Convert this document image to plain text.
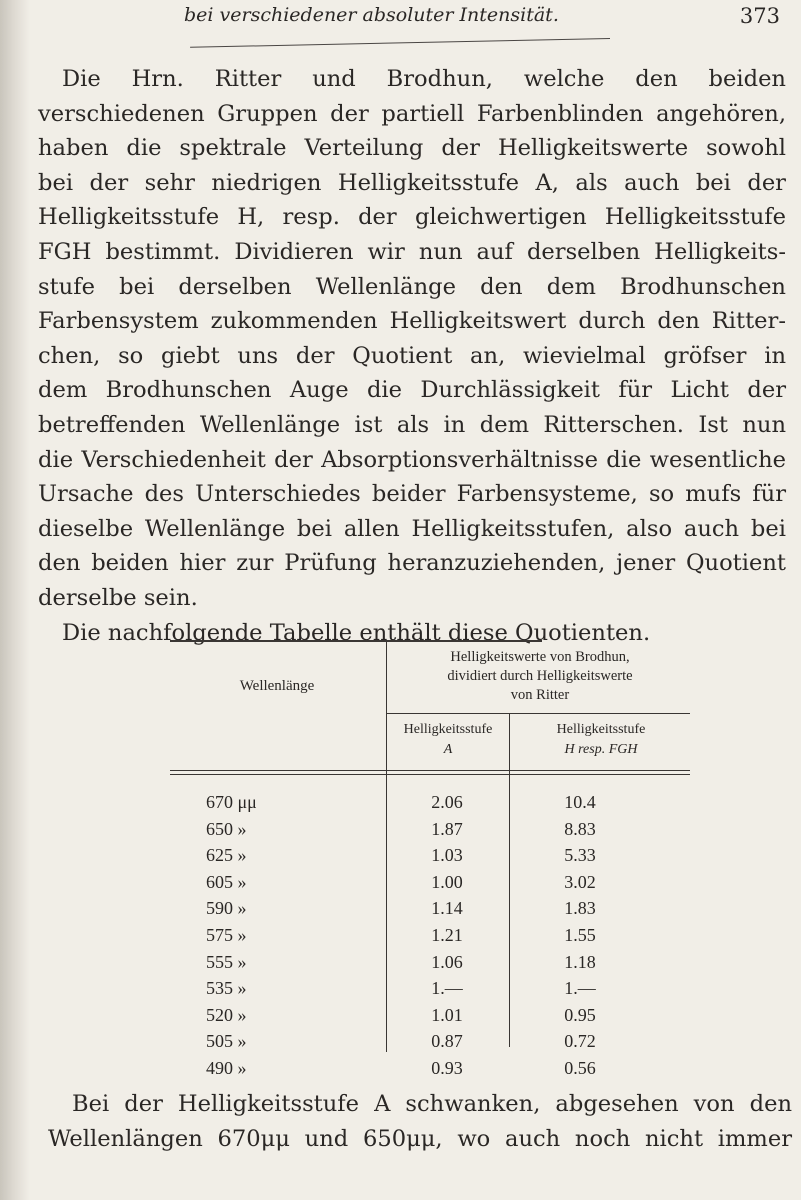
bei verschiedener absoluter Intensität.	373
Die Hrn. Ritter und Brodhun, welche den beiden
verschiedenen Gruppen der partiell Farbenblinden angehören,
haben die spektrale Verteilung der Helligkeitswerte sowohl
bei der sehr niedrigen Helligkeitsstufe A, als auch bei der
Helligkeitsstufe H, resp. der gleichwertigen Helligkeitsstufe
FGH bestimmt. Dividieren wir nun auf derselben Helligkeits-
stufe bei derselben Wellenlänge den dem Brodhunschen
Farbensystem zukommenden Helligkeitswert durch den Ritter-
chen, so giebt uns der Quotient an, wievielmal gröfser in
dem Brodhunschen Auge die Durchlässigkeit für Licht der
betreffenden Wellenlänge ist als in dem Ritterschen. Ist nun
die Verschiedenheit der Absorptionsverhältnisse die wesentliche
Ursache des Unterschiedes beider Farbensysteme, so mufs für
dieselbe Wellenlänge bei allen Helligkeitsstufen, also auch bei
den beiden hier zur Prüfung heranzuziehenden, jener Quotient
derselbe sein.
Die nachfolgende Tabelle enthält diese Quotienten.
Wellenlänge
Helligkeitswerte von Brodhun,
dividiert durch Helligkeitswerte
von Ritter
Helligkeitsstufe
A
Helligkeitsstufe
H resp. FGH
670 μμ	2.06	10.4
650 »	1.87	8.83
625 »	1.03	5.33
605 »	1.00	3.02
590 »	1.14	1.83
575 »	1.21	1.55
555 »	1.06	1.18
535 »	1.—	1.—
520 »	1.01	0.95
505 »	0.87	0.72
490 »	0.93	0.56
Bei der Helligkeitsstufe A schwanken, abgesehen von den
Wellenlängen 670μμ und 650μμ, wo auch noch nicht immer
